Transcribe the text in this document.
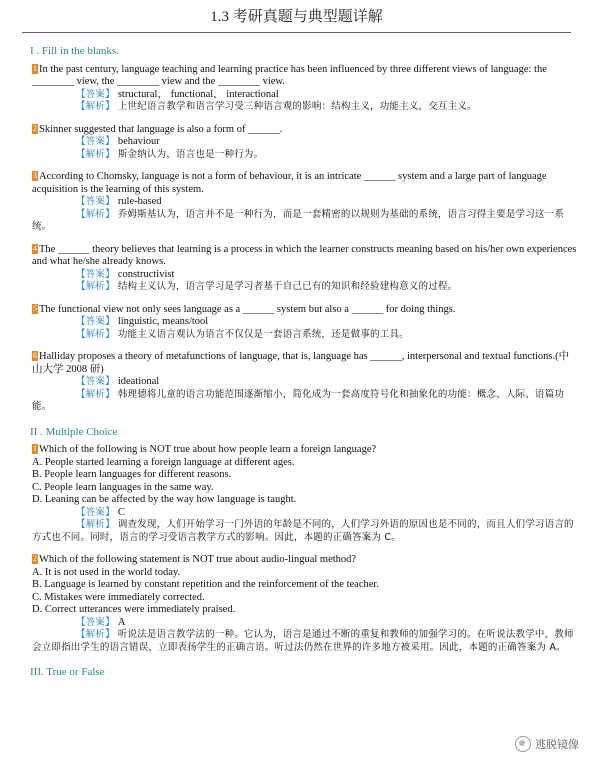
1.3 考研真题与典型题详解
I . Fill in the blanks.
1 In the past century, language teaching and learning practice has been influenced by three different views of language: the ________ view, the ________ view and the ________ view.
【答案】 structural， functional， interactional
【解析】 上世纪语言教学和语言学习受三种语言观的影响：结构主义，功能主义，交互主义。
2 Skinner suggested that language is also a form of ______.
【答案】 behaviour
【解析】 斯金纳认为，语言也是一种行为。
3 According to Chomsky, language is not a form of behaviour, it is an intricate ______ system and a large part of language acquisition is the learning of this system.
【答案】 rule-based
【解析】 乔姆斯基认为，语言并不是一种行为，而是一套精密的以规则为基础的系统，语言习得主要是学习这一系统。
4 The ______ theory believes that learning is a process in which the learner constructs meaning based on his/her own experiences and what he/she already knows.
【答案】 constructivist
【解析】 结构主义认为，语言学习是学习者基于自己已有的知识和经验建构意义的过程。
5 The functional view not only sees language as a ______ system but also a ______ for doing things.
【答案】 linguistic, means/tool
【解析】 功能主义语言观认为语言不仅仅是一套语言系统，还是做事的工具。
6 Halliday proposes a theory of metafunctions of language, that is, language has ______, interpersonal and textual functions.(中山大学 2008 研)
【答案】 ideational
【解析】 韩理德将儿童的语言功能范围逐渐缩小，简化成为一套高度符号化和抽象化的功能：概念、人际、语篇功能。
II . Multiple Choice
1 Which of the following is NOT true about how people learn a foreign language?
A. People started learning a foreign language at different ages.
B. People learn languages for different reasons.
C. People learn languages in the same way.
D. Leaning can be affected by the way how language is taught.
【答案】 C
【解析】 调查发现，人们开始学习一门外语的年龄是不同的，人们学习外语的原因也是不同的，而且人们学习语言的方式也不同。同时，语言的学习受语言教学方式的影响。因此，本题的正确答案为 C。
2 Which of the following statement is NOT true about audio-lingual method?
A. It is not used in the world today.
B. Language is learned by constant repetition and the reinforcement of the teacher.
C. Mistakes were immediately corrected.
D. Correct utterances were immediately praised.
【答案】 A
【解析】 听说法是语言教学法的一种。它认为，语言是通过不断的重复和教师的加强学习的。在听说法教学中，教师会立即指出学生的语言错误，立即表扬学生的正确言语。听过法仍然在世界的许多地方被采用。因此，本题的正确答案为 A。
III. True or False
逃脱镜像
